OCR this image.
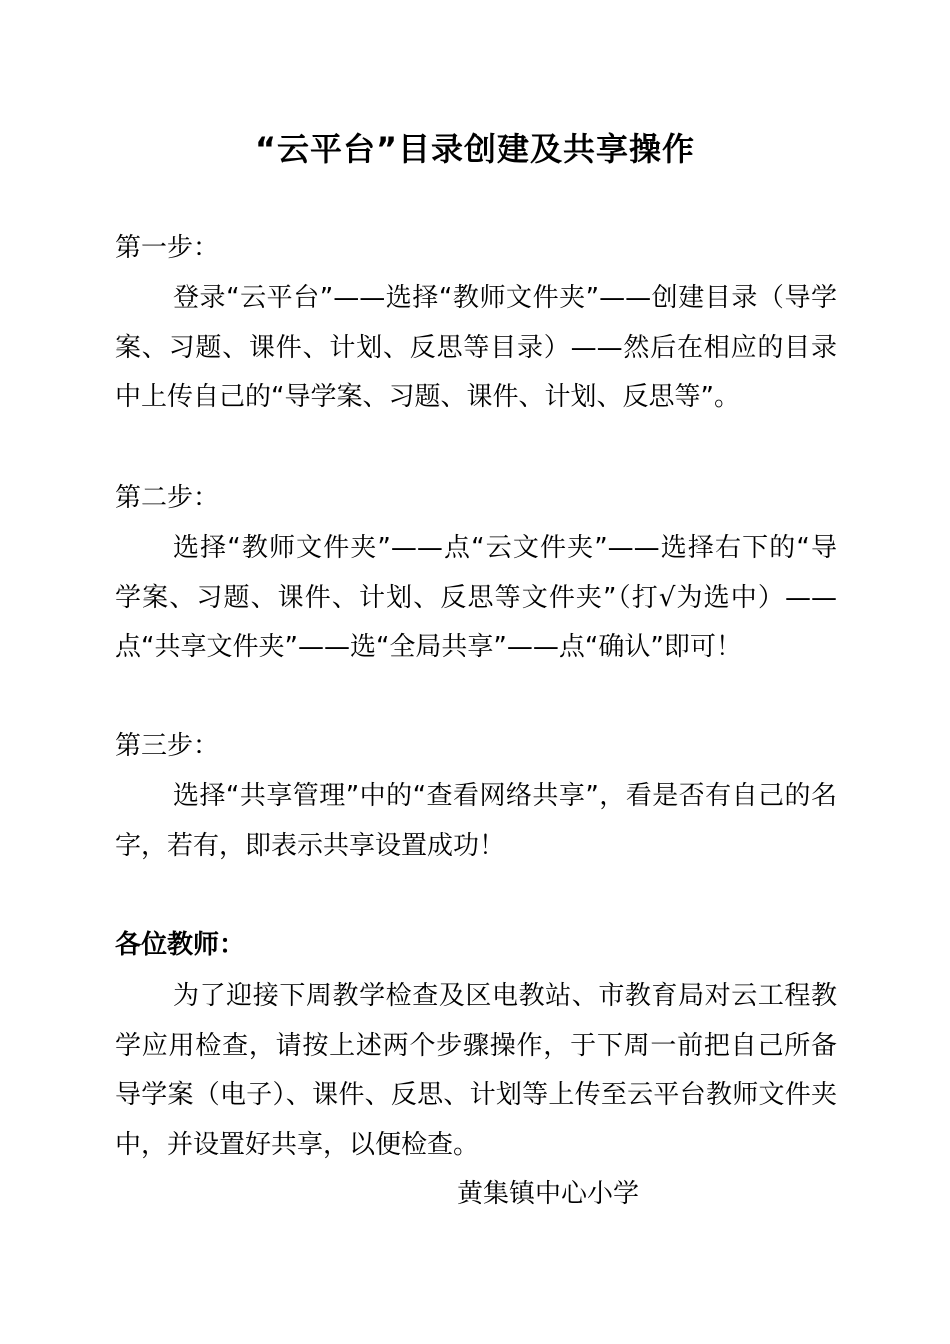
“云平台”目录创建及共享操作
第一步：
登录“云平台”——选择“教师文件夹”——创建目录（导学案、习题、课件、计划、反思等目录）——然后在相应的目录中上传自己的“导学案、习题、课件、计划、反思等”。
第二步：
选择“教师文件夹”——点“云文件夹”——选择右下的“导学案、习题、课件、计划、反思等文件夹”（打√为选中）——点“共享文件夹”——选“全局共享”——点“确认”即可！
第三步：
选择“共享管理”中的“查看网络共享”，看是否有自己的名字，若有，即表示共享设置成功！
各位教师：
为了迎接下周教学检查及区电教站、市教育局对云工程教学应用检查，请按上述两个步骤操作，于下周一前把自己所备导学案（电子）、课件、反思、计划等上传至云平台教师文件夹中，并设置好共享，以便检查。
黄集镇中心小学
